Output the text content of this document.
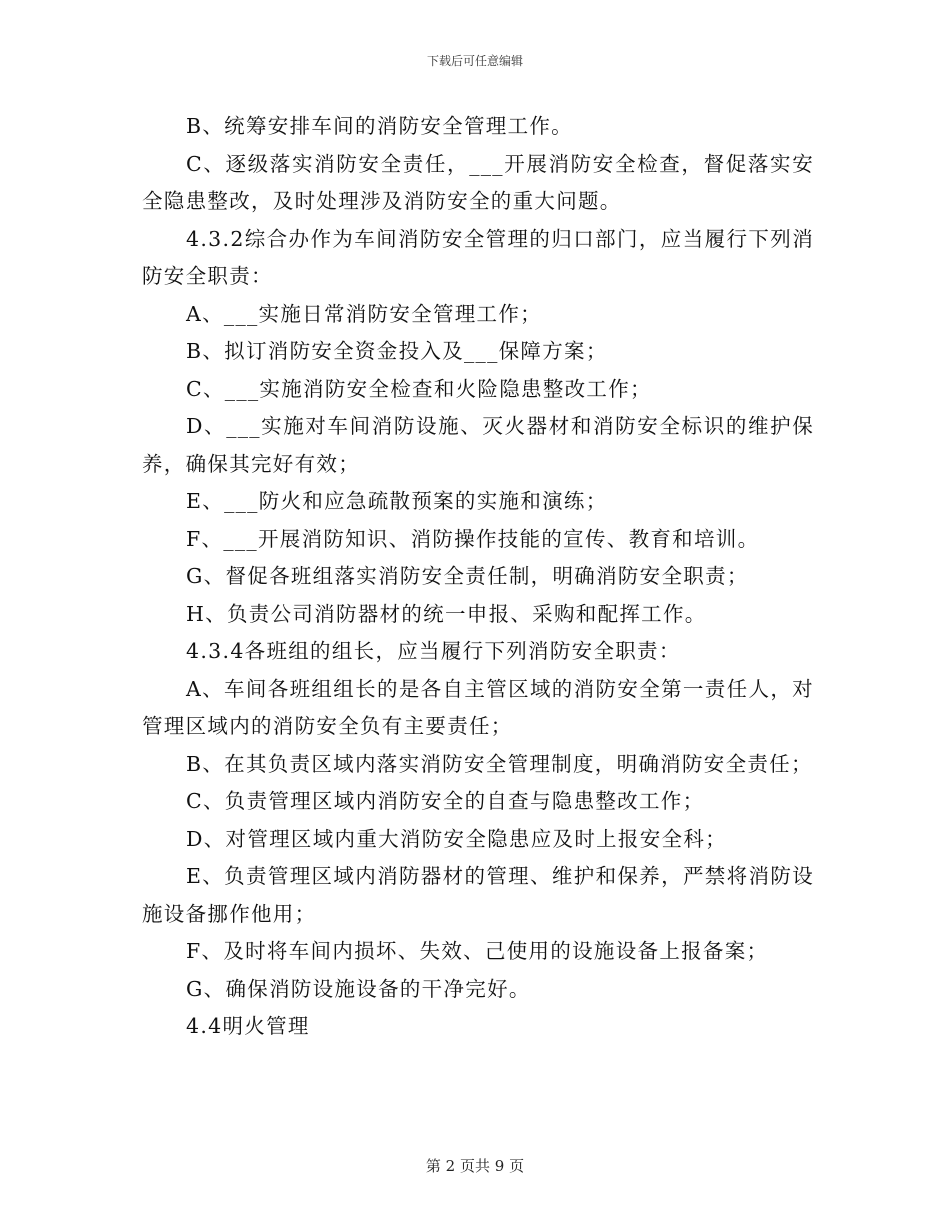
下载后可任意编辑

B、统筹安排车间的消防安全管理工作。

C、逐级落实消防安全责任，___开展消防安全检查，督促落实安全隐患整改，及时处理涉及消防安全的重大问题。

4.3.2综合办作为车间消防安全管理的归口部门，应当履行下列消防安全职责：

A、___实施日常消防安全管理工作；

B、拟订消防安全资金投入及___保障方案；

C、___实施消防安全检查和火险隐患整改工作；

D、___实施对车间消防设施、灭火器材和消防安全标识的维护保养，确保其完好有效；

E、___防火和应急疏散预案的实施和演练；

F、___开展消防知识、消防操作技能的宣传、教育和培训。

G、督促各班组落实消防安全责任制，明确消防安全职责；

H、负责公司消防器材的统一申报、采购和配挥工作。

4.3.4各班组的组长，应当履行下列消防安全职责：

A、车间各班组组长的是各自主管区域的消防安全第一责任人，对管理区域内的消防安全负有主要责任；

B、在其负责区域内落实消防安全管理制度，明确消防安全责任；

C、负责管理区域内消防安全的自查与隐患整改工作；

D、对管理区域内重大消防安全隐患应及时上报安全科；

E、负责管理区域内消防器材的管理、维护和保养，严禁将消防设施设备挪作他用；

F、及时将车间内损坏、失效、己使用的设施设备上报备案；

G、确保消防设施设备的干净完好。

4.4明火管理

第 2 页共 9 页
